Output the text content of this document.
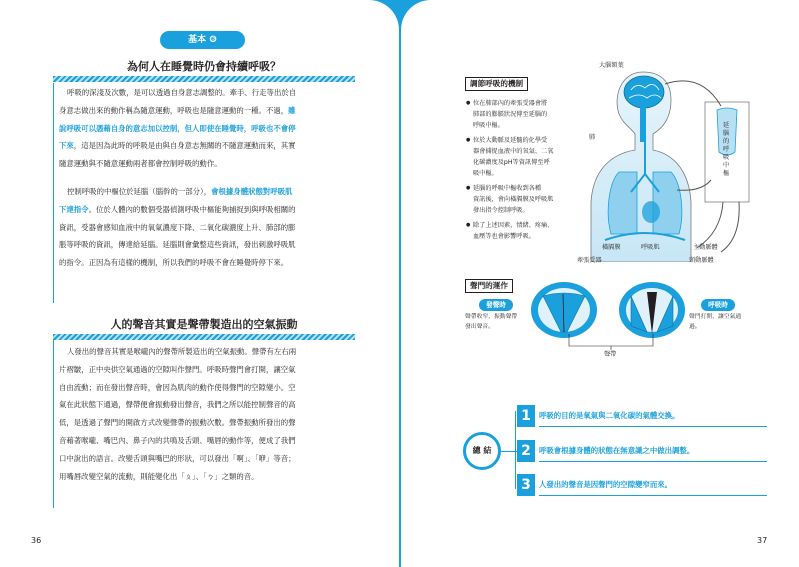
基本 ❻
為何人在睡覺時仍會持續呼吸？
呼吸的深淺及次數，是可以透過自身意志調整的。牽手、行走等出於自
身意志做出來的動作稱為隨意運動，呼吸也是隨意運動的一種。不過，雖
說呼吸可以憑藉自身的意志加以控制，但人即使在睡覺時，呼吸也不會停
下來，這是因為此時的呼吸是由與自身意志無關的不隨意運動而來，其實
隨意運動與不隨意運動兩者都會控制呼吸的動作。
控制呼吸的中樞位於延腦（腦幹的一部分），會根據身體狀態對呼吸肌
下達指令。位於人體內的數個受器偵測呼吸中樞能夠捕捉到與呼吸相關的
資訊，受器會感知血液中的氧氣濃度下降、二氧化碳濃度上升、肺部的膨
脹等呼吸的資訊，傳達給延腦。延腦則會彙整這些資訊，發出刺激呼吸肌
的指令。正因為有這樣的機制，所以我們的呼吸不會在睡覺時停下來。
人的聲音其實是聲帶製造出的空氣振動
人發出的聲音其實是喉嚨內的聲帶所製造出的空氣振動。聲帶有左右兩
片褶皺，正中央供空氣通過的空隙叫作聲門。呼吸時聲門會打開，讓空氣
自由流動；而在發出聲音時，會因為肌肉的動作使得聲門的空隙變小。空
氣在此狀態下通過，聲帶便會振動發出聲音，我們之所以能控制聲音的高
低，是透過了聲門的開啟方式改變聲帶的振動次數。聲帶振動所發出的聲
音藉著喉嚨、嘴巴內、鼻子內的共鳴及舌頭、嘴唇的動作等，便成了我們
口中說出的語言。改變舌頭與嘴巴的形狀，可以發出「啊」、「咿」等音；
用嘴唇改變空氣的流動，則能變化出「ㄆ」、「ㄅ」之類的音。
36
調節呼吸的機制
● 位在肺部內的牽張受器會將
肺部的膨脹狀況傳至延腦的
呼吸中樞。
● 位於大動脈及延髓的化學受
器會捕捉血液中的氧氣、二氧
化碳濃度及pH等資訊傳至呼
吸中樞。
● 延腦的呼吸中樞收到各種
資訊後，會向橫膈膜及呼吸肌
發出指令控制呼吸。
● 除了上述因素，情緒、疼痛、
血壓等也會影響呼吸。
大腦額葉
肺
延腦的呼吸中樞
橫膈膜	呼吸肌	主動脈體
牽張受器	頸動脈體
聲門的運作
發聲時
聲帶收窄，振動聲帶
發出聲音。
呼吸時
聲門打開，讓空氣通
過。
聲帶
總 結
1	呼吸的目的是氧氣與二氧化碳的氣體交換。
2	呼吸會根據身體的狀態在無意識之中做出調整。
3	人發出的聲音是因聲門的空隙變窄而來。
37
第1章 認識不可思議的人體
